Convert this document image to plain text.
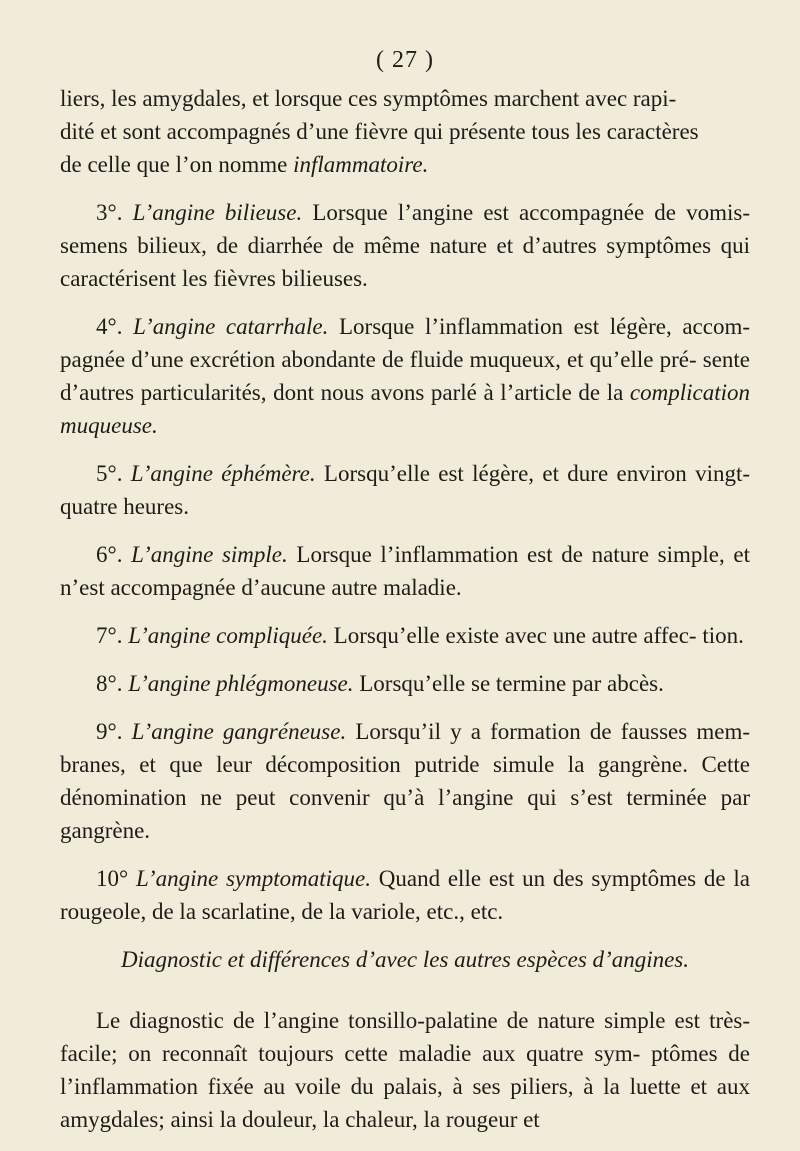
( 27 )
liers, les amygdales, et lorsque ces symptômes marchent avec rapi-
dité et sont accompagnés d’une fièvre qui présente tous les caractères
de celle que l’on nomme inflammatoire.
3°. L’angine bilieuse. Lorsque l’angine est accompagnée de vomis- semens bilieux, de diarrhée de même nature et d’autres symptômes qui caractérisent les fièvres bilieuses.
4°. L’angine catarrhale. Lorsque l’inflammation est légère, accom- pagnée d’une excrétion abondante de fluide muqueux, et qu’elle pré- sente d’autres particularités, dont nous avons parlé à l’article de la complication muqueuse.
5°. L’angine éphémère. Lorsqu’elle est légère, et dure environ vingt- quatre heures.
6°. L’angine simple. Lorsque l’inflammation est de nature simple, et n’est accompagnée d’aucune autre maladie.
7°. L’angine compliquée. Lorsqu’elle existe avec une autre affec- tion.
8°. L’angine phlégmoneuse. Lorsqu’elle se termine par abcès.
9°. L’angine gangréneuse. Lorsqu’il y a formation de fausses mem- branes, et que leur décomposition putride simule la gangrène. Cette dénomination ne peut convenir qu’à l’angine qui s’est terminée par gangrène.
10° L’angine symptomatique. Quand elle est un des symptômes de la rougeole, de la scarlatine, de la variole, etc., etc.
Diagnostic et différences d’avec les autres espèces d’angines.
Le diagnostic de l’angine tonsillo-palatine de nature simple est très-facile; on reconnaît toujours cette maladie aux quatre sym- ptômes de l’inflammation fixée au voile du palais, à ses piliers, à la luette et aux amygdales; ainsi la douleur, la chaleur, la rougeur et
